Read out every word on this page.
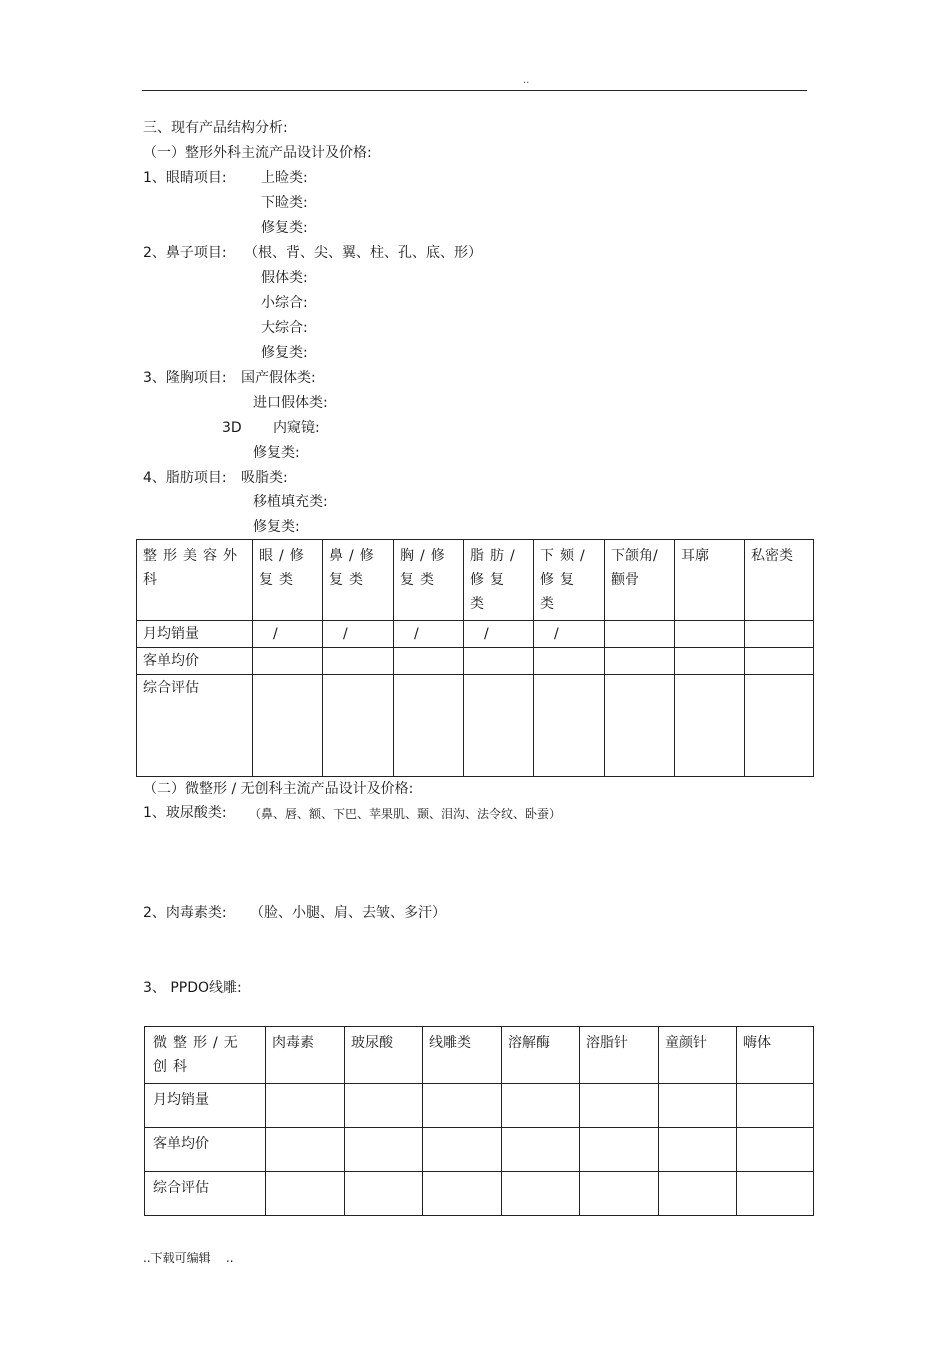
..
三、现有产品结构分析:
（一）整形外科主流产品设计及价格:
1、眼睛项目: 上睑类:
下睑类:
修复类:
2、鼻子项目: （根、背、尖、翼、柱、孔、底、形）
假体类:
小综合:
大综合:
修复类:
3、隆胸项目: 国产假体类:
进口假体类:
3D 内窥镜:
修复类:
4、脂肪项目: 吸脂类:
移植填充类:
修复类:
整形美容外科	眼/修复类	鼻/修复类	胸/修复类	脂肪/修复类	下颏/修复类	下颌角/颧骨	耳廓	私密类
月均销量	/	/	/	/	/			
客单均价								
综合评估								
（二）微整形 / 无创科主流产品设计及价格:
1、玻尿酸类: （鼻、唇、额、下巴、苹果肌、颞、泪沟、法令纹、卧蚕）
2、肉毒素类: （脸、小腿、肩、去皱、多汗）
3、 PPDO线雕:
微整形/无创科	肉毒素	玻尿酸	线雕类	溶解酶	溶脂针	童颜针	嗨体
月均销量							
客单均价							
综合评估							
..下载可编辑    ..
